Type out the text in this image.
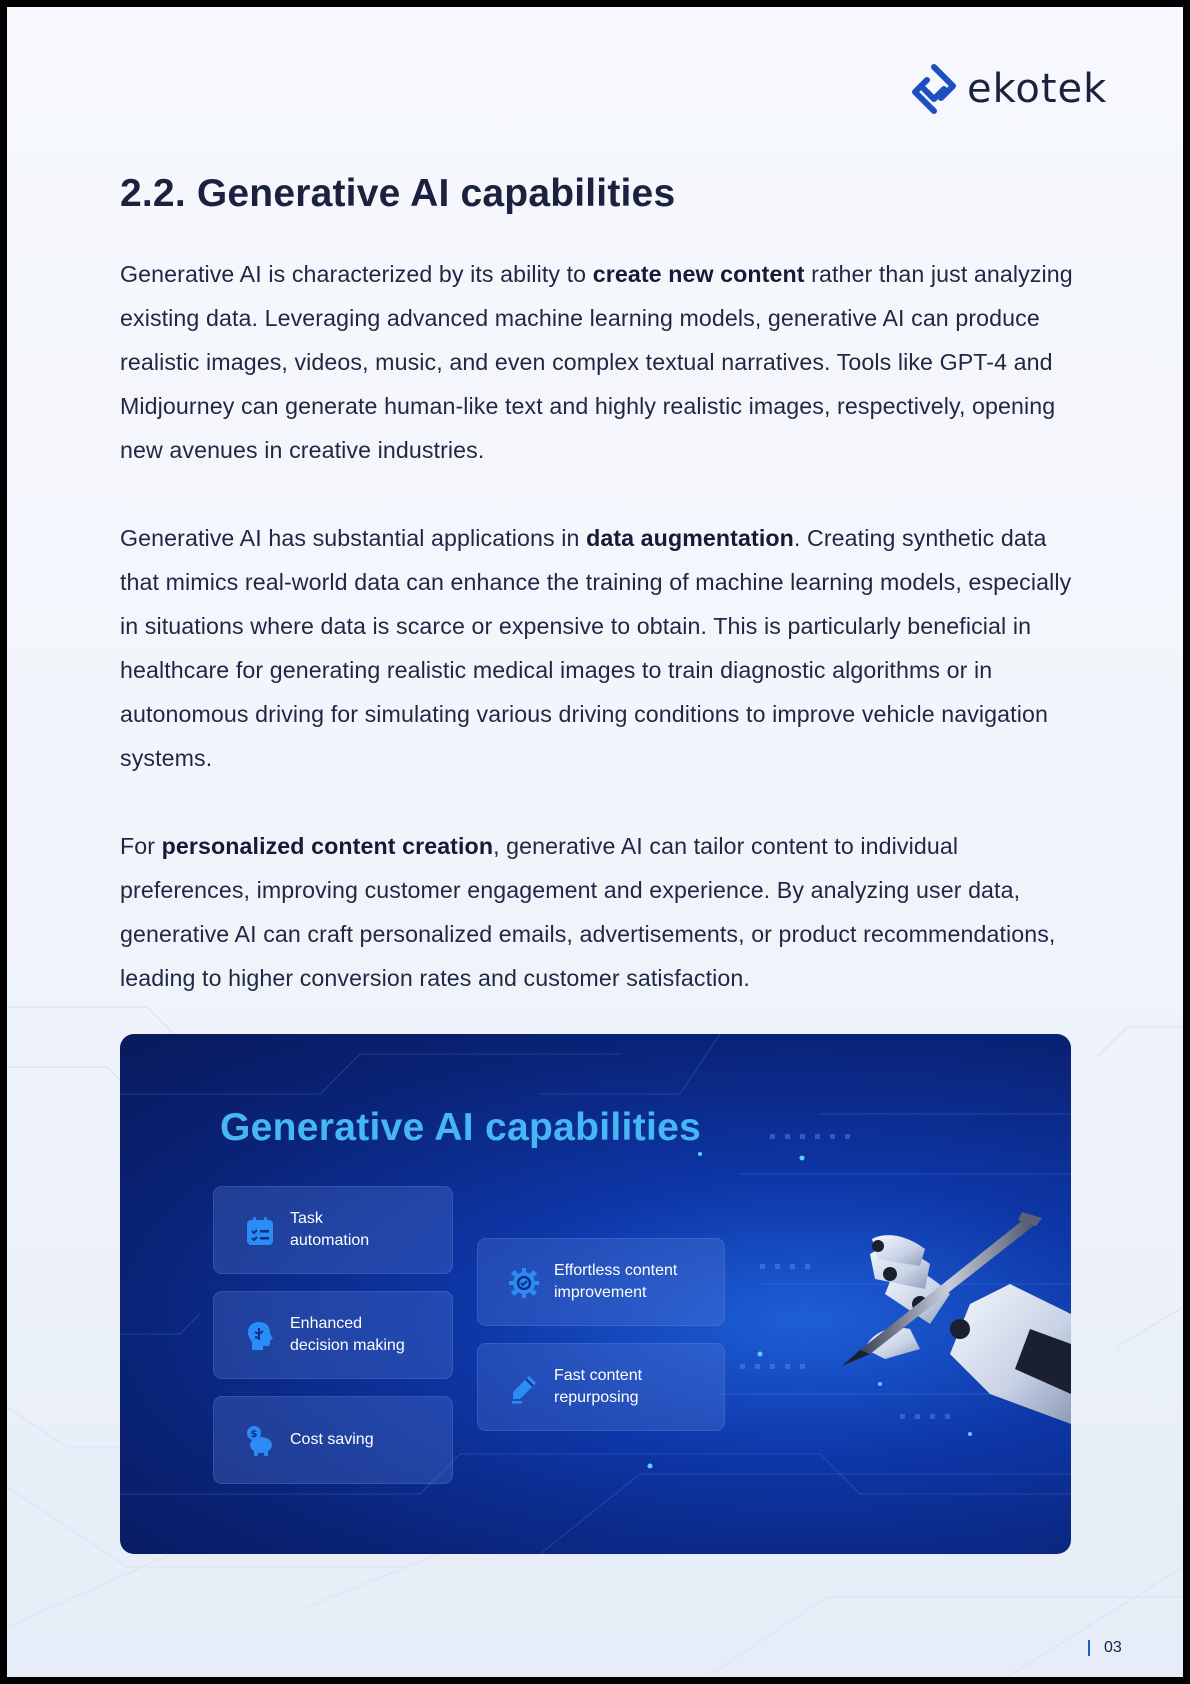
ekotek
2.2. Generative AI capabilities

Generative AI is characterized by its ability to create new content rather than just analyzing existing data. Leveraging advanced machine learning models, generative AI can produce realistic images, videos, music, and even complex textual narratives. Tools like GPT-4 and Midjourney can generate human-like text and highly realistic images, respectively, opening new avenues in creative industries.

Generative AI has substantial applications in data augmentation. Creating synthetic data that mimics real-world data can enhance the training of machine learning models, especially in situations where data is scarce or expensive to obtain. This is particularly beneficial in healthcare for generating realistic medical images to train diagnostic algorithms or in autonomous driving for simulating various driving conditions to improve vehicle navigation systems.

For personalized content creation, generative AI can tailor content to individual preferences, improving customer engagement and experience. By analyzing user data, generative AI can craft personalized emails, advertisements, or product recommendations, leading to higher conversion rates and customer satisfaction.

Generative AI capabilities
Task
automation
Enhanced
decision making
$ Cost saving
Effortless content
improvement
Fast content
repurposing
03
